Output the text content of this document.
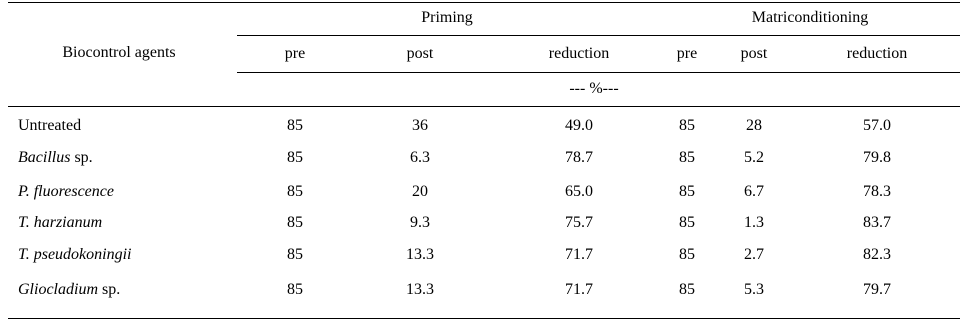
Biocontrol agents
Priming	Matriconditioning
pre	post	reduction	pre	post	reduction
--- %---
Untreated	85	36	49.0	85	28	57.0
Bacillus sp.	85	6.3	78.7	85	5.2	79.8
P. fluorescence	85	20	65.0	85	6.7	78.3
T. harzianum	85	9.3	75.7	85	1.3	83.7
T. pseudokoningii	85	13.3	71.7	85	2.7	82.3
Gliocladium sp.	85	13.3	71.7	85	5.3	79.7
